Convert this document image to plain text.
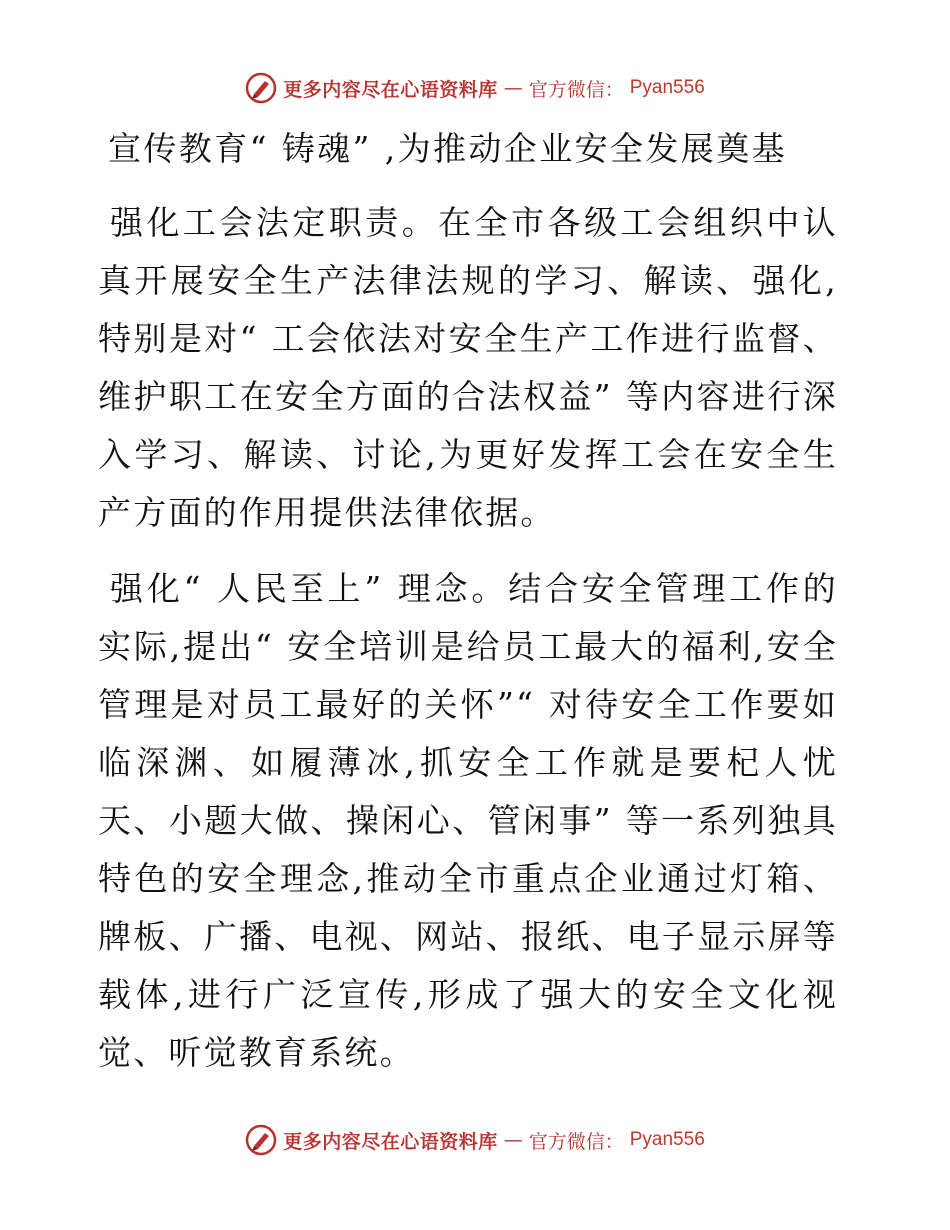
更多内容尽在心语资料库 — 官方微信： Pyan556
宣传教育“ 铸魂” ,为推动企业安全发展奠基
强化工会法定职责。在全市各级工会组织中认真开展安全生产法律法规的学习、解读、强化,特别是对“ 工会依法对安全生产工作进行监督、维护职工在安全方面的合法权益” 等内容进行深入学习、解读、讨论,为更好发挥工会在安全生产方面的作用提供法律依据。
强化“ 人民至上” 理念。结合安全管理工作的实际,提出“ 安全培训是给员工最大的福利,安全管理是对员工最好的关怀”“ 对待安全工作要如临深渊、如履薄冰,抓安全工作就是要杞人忧天、小题大做、操闲心、管闲事” 等一系列独具特色的安全理念,推动全市重点企业通过灯箱、牌板、广播、电视、网站、报纸、电子显示屏等载体,进行广泛宣传,形成了强大的安全文化视觉、听觉教育系统。
更多内容尽在心语资料库 — 官方微信： Pyan556
